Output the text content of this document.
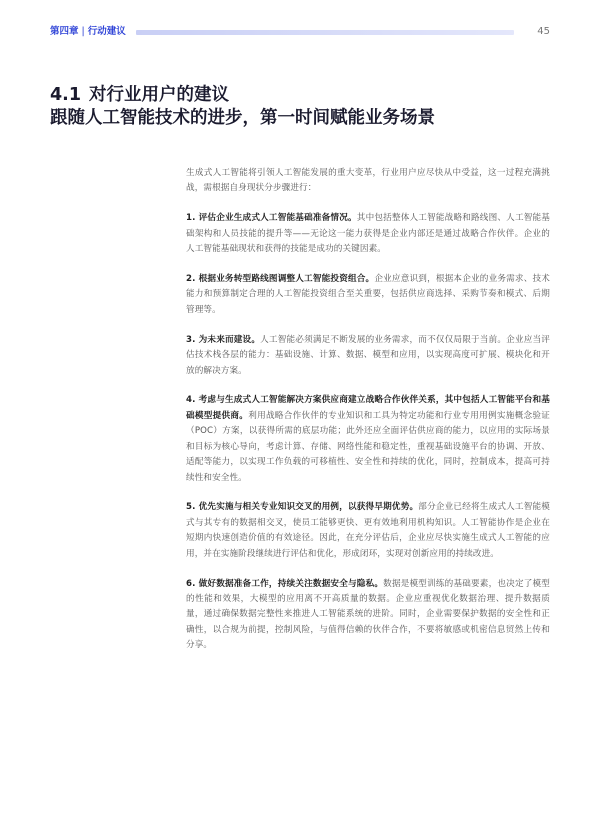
第四章 | 行动建议	45
4.1 对行业用户的建议
跟随人工智能技术的进步，第一时间赋能业务场景

生成式人工智能将引领人工智能发展的重大变革，行业用户应尽快从中受益，这一过程充满挑战，需根据自身现状分步骤进行：

1. 评估企业生成式人工智能基础准备情况。其中包括整体人工智能战略和路线图、人工智能基础架构和人员技能的提升等——无论这一能力获得是企业内部还是通过战略合作伙伴。企业的人工智能基础现状和获得的技能是成功的关键因素。

2. 根据业务转型路线图调整人工智能投资组合。企业应意识到，根据本企业的业务需求、技术能力和预算制定合理的人工智能投资组合至关重要，包括供应商选择、采购节奏和模式、后期管理等。

3. 为未来而建设。人工智能必须满足不断发展的业务需求，而不仅仅局限于当前。企业应当评估技术栈各层的能力：基础设施、计算、数据、模型和应用，以实现高度可扩展、模块化和开放的解决方案。

4. 考虑与生成式人工智能解决方案供应商建立战略合作伙伴关系，其中包括人工智能平台和基础模型提供商。利用战略合作伙伴的专业知识和工具为特定功能和行业专用用例实施概念验证（POC）方案，以获得所需的底层功能；此外还应全面评估供应商的能力，以应用的实际场景和目标为核心导向，考虑计算、存储、网络性能和稳定性，重视基础设施平台的协调、开放、适配等能力，以实现工作负载的可移植性、安全性和持续的优化，同时，控制成本，提高可持续性和安全性。

5. 优先实施与相关专业知识交叉的用例，以获得早期优势。部分企业已经将生成式人工智能模式与其专有的数据相交叉，使员工能够更快、更有效地利用机构知识。人工智能协作是企业在短期内快速创造价值的有效途径。因此，在充分评估后，企业应尽快实施生成式人工智能的应用，并在实施阶段继续进行评估和优化，形成闭环，实现对创新应用的持续改进。

6. 做好数据准备工作，持续关注数据安全与隐私。数据是模型训练的基础要素，也决定了模型的性能和效果，大模型的应用离不开高质量的数据。企业应重视优化数据治理、提升数据质量，通过确保数据完整性来推进人工智能系统的进阶。同时，企业需要保护数据的安全性和正确性，以合规为前提，控制风险，与值得信赖的伙伴合作，不要将敏感或机密信息贸然上传和分享。
